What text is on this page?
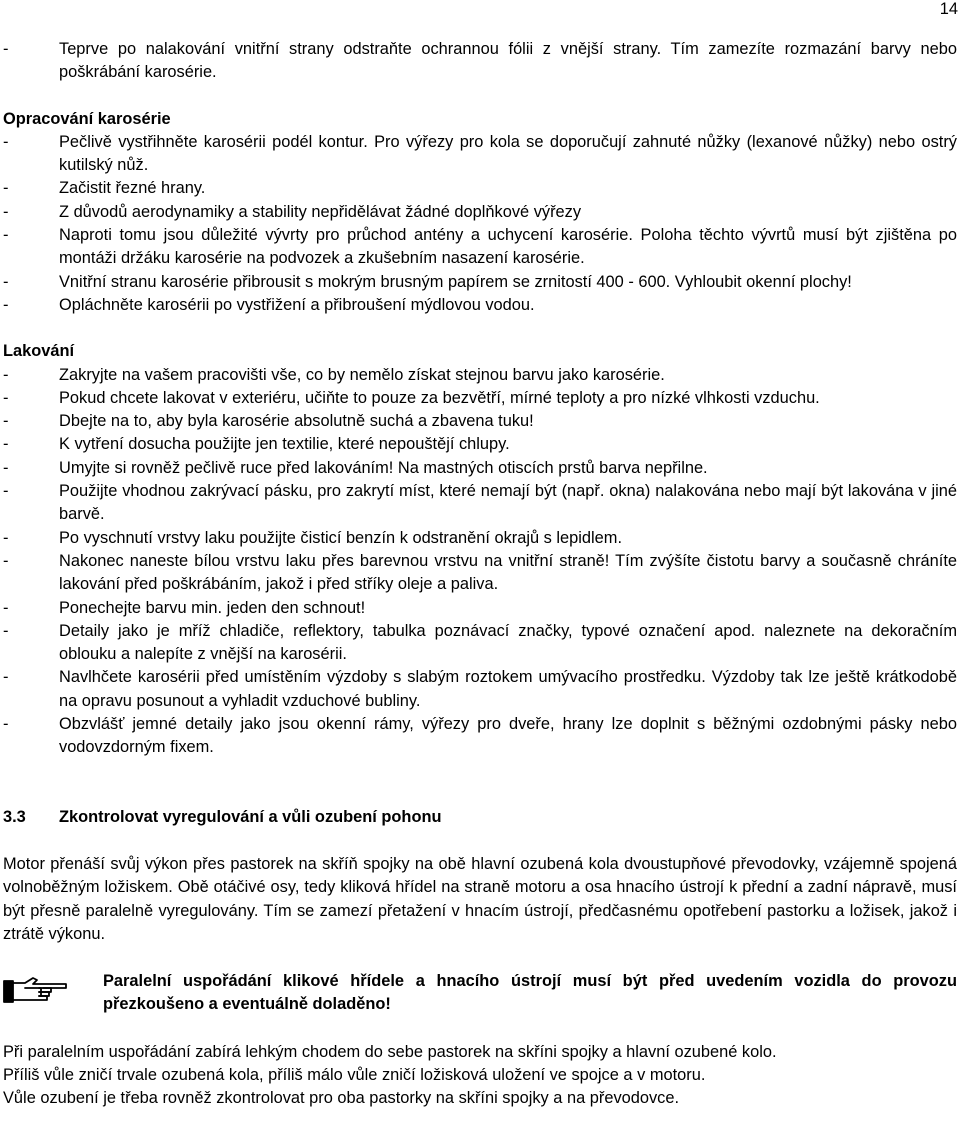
14
-	Teprve po nalakování vnitřní strany odstraňte ochrannou fólii z vnější strany. Tím zamezíte rozmazání barvy nebo poškrábání karosérie.
Opracování karosérie
-	Pečlivě vystřihněte karosérii podél kontur. Pro výřezy pro kola se doporučují zahnuté nůžky (lexanové nůžky) nebo ostrý kutilský nůž.
-	Začistit řezné hrany.
-	Z důvodů aerodynamiky a stability nepřidělávat žádné doplňkové výřezy
-	Naproti tomu jsou důležité vývrty pro průchod antény a uchycení karosérie. Poloha těchto vývrtů musí být zjištěna po montáži držáku karosérie na podvozek a zkušebním nasazení karosérie.
-	Vnitřní stranu karosérie přibrousit s mokrým brusným papírem se zrnitostí 400 - 600. Vyhloubit okenní plochy!
-	Opláchněte karosérii po vystřižení a přibroušení mýdlovou vodou.
Lakování
-	Zakryjte na vašem pracovišti vše, co by nemělo získat stejnou barvu jako karosérie.
-	Pokud chcete lakovat v exteriéru, učiňte to pouze za bezvětří, mírné teploty a pro nízké vlhkosti vzduchu.
-	Dbejte na to, aby byla karosérie absolutně suchá a zbavena tuku!
-	K vytření dosucha použijte jen textilie, které nepouštějí chlupy.
-	Umyjte si rovněž pečlivě ruce před lakováním! Na mastných otiscích prstů barva nepřilne.
-	Použijte vhodnou zakrývací pásku, pro zakrytí míst, které nemají být (např. okna) nalakována nebo mají být lakována v jiné barvě.
-	Po vyschnutí vrstvy laku použijte čisticí benzín k odstranění okrajů s lepidlem.
-	Nakonec naneste bílou vrstvu laku přes barevnou vrstvu na vnitřní straně! Tím zvýšíte čistotu barvy a současně chráníte lakování před poškrábáním, jakož i před stříky oleje a paliva.
-	Ponechejte barvu min. jeden den schnout!
-	Detaily jako je mříž chladiče, reflektory, tabulka poznávací značky, typové označení apod. naleznete na dekoračním oblouku a nalepíte z vnější na karosérii.
-	Navlhčete karosérii před umístěním výzdoby s slabým roztokem umývacího prostředku. Výzdoby tak lze ještě krátkodobě na opravu posunout a vyhladit vzduchové bubliny.
-	Obzvlášť jemné detaily jako jsou okenní rámy, výřezy pro dveře, hrany lze doplnit s běžnými ozdobnými pásky nebo vodovzdorným fixem.
3.3	Zkontrolovat vyregulování a vůli ozubení pohonu
Motor přenáší svůj výkon přes pastorek na skříň spojky na obě hlavní ozubená kola dvoustupňové převodovky, vzájemně spojená volnoběžným ložiskem. Obě otáčivé osy, tedy kliková hřídel na straně motoru a osa hnacího ústrojí k přední a zadní nápravě, musí být přesně paralelně vyregulovány. Tím se zamezí přetažení v hnacím ústrojí, předčasnému opotřebení pastorku a ložisek, jakož i ztrátě výkonu.
Paralelní uspořádání klikové hřídele a hnacího ústrojí musí být před uvedením vozidla do provozu přezkoušeno a eventuálně doladěno!
Při paralelním uspořádání zabírá lehkým chodem do sebe pastorek na skříni spojky a hlavní ozubené kolo.
Příliš vůle zničí trvale ozubená kola, příliš málo vůle zničí ložisková uložení ve spojce a v motoru.
Vůle ozubení je třeba rovněž zkontrolovat pro oba pastorky na skříni spojky a na převodovce.
